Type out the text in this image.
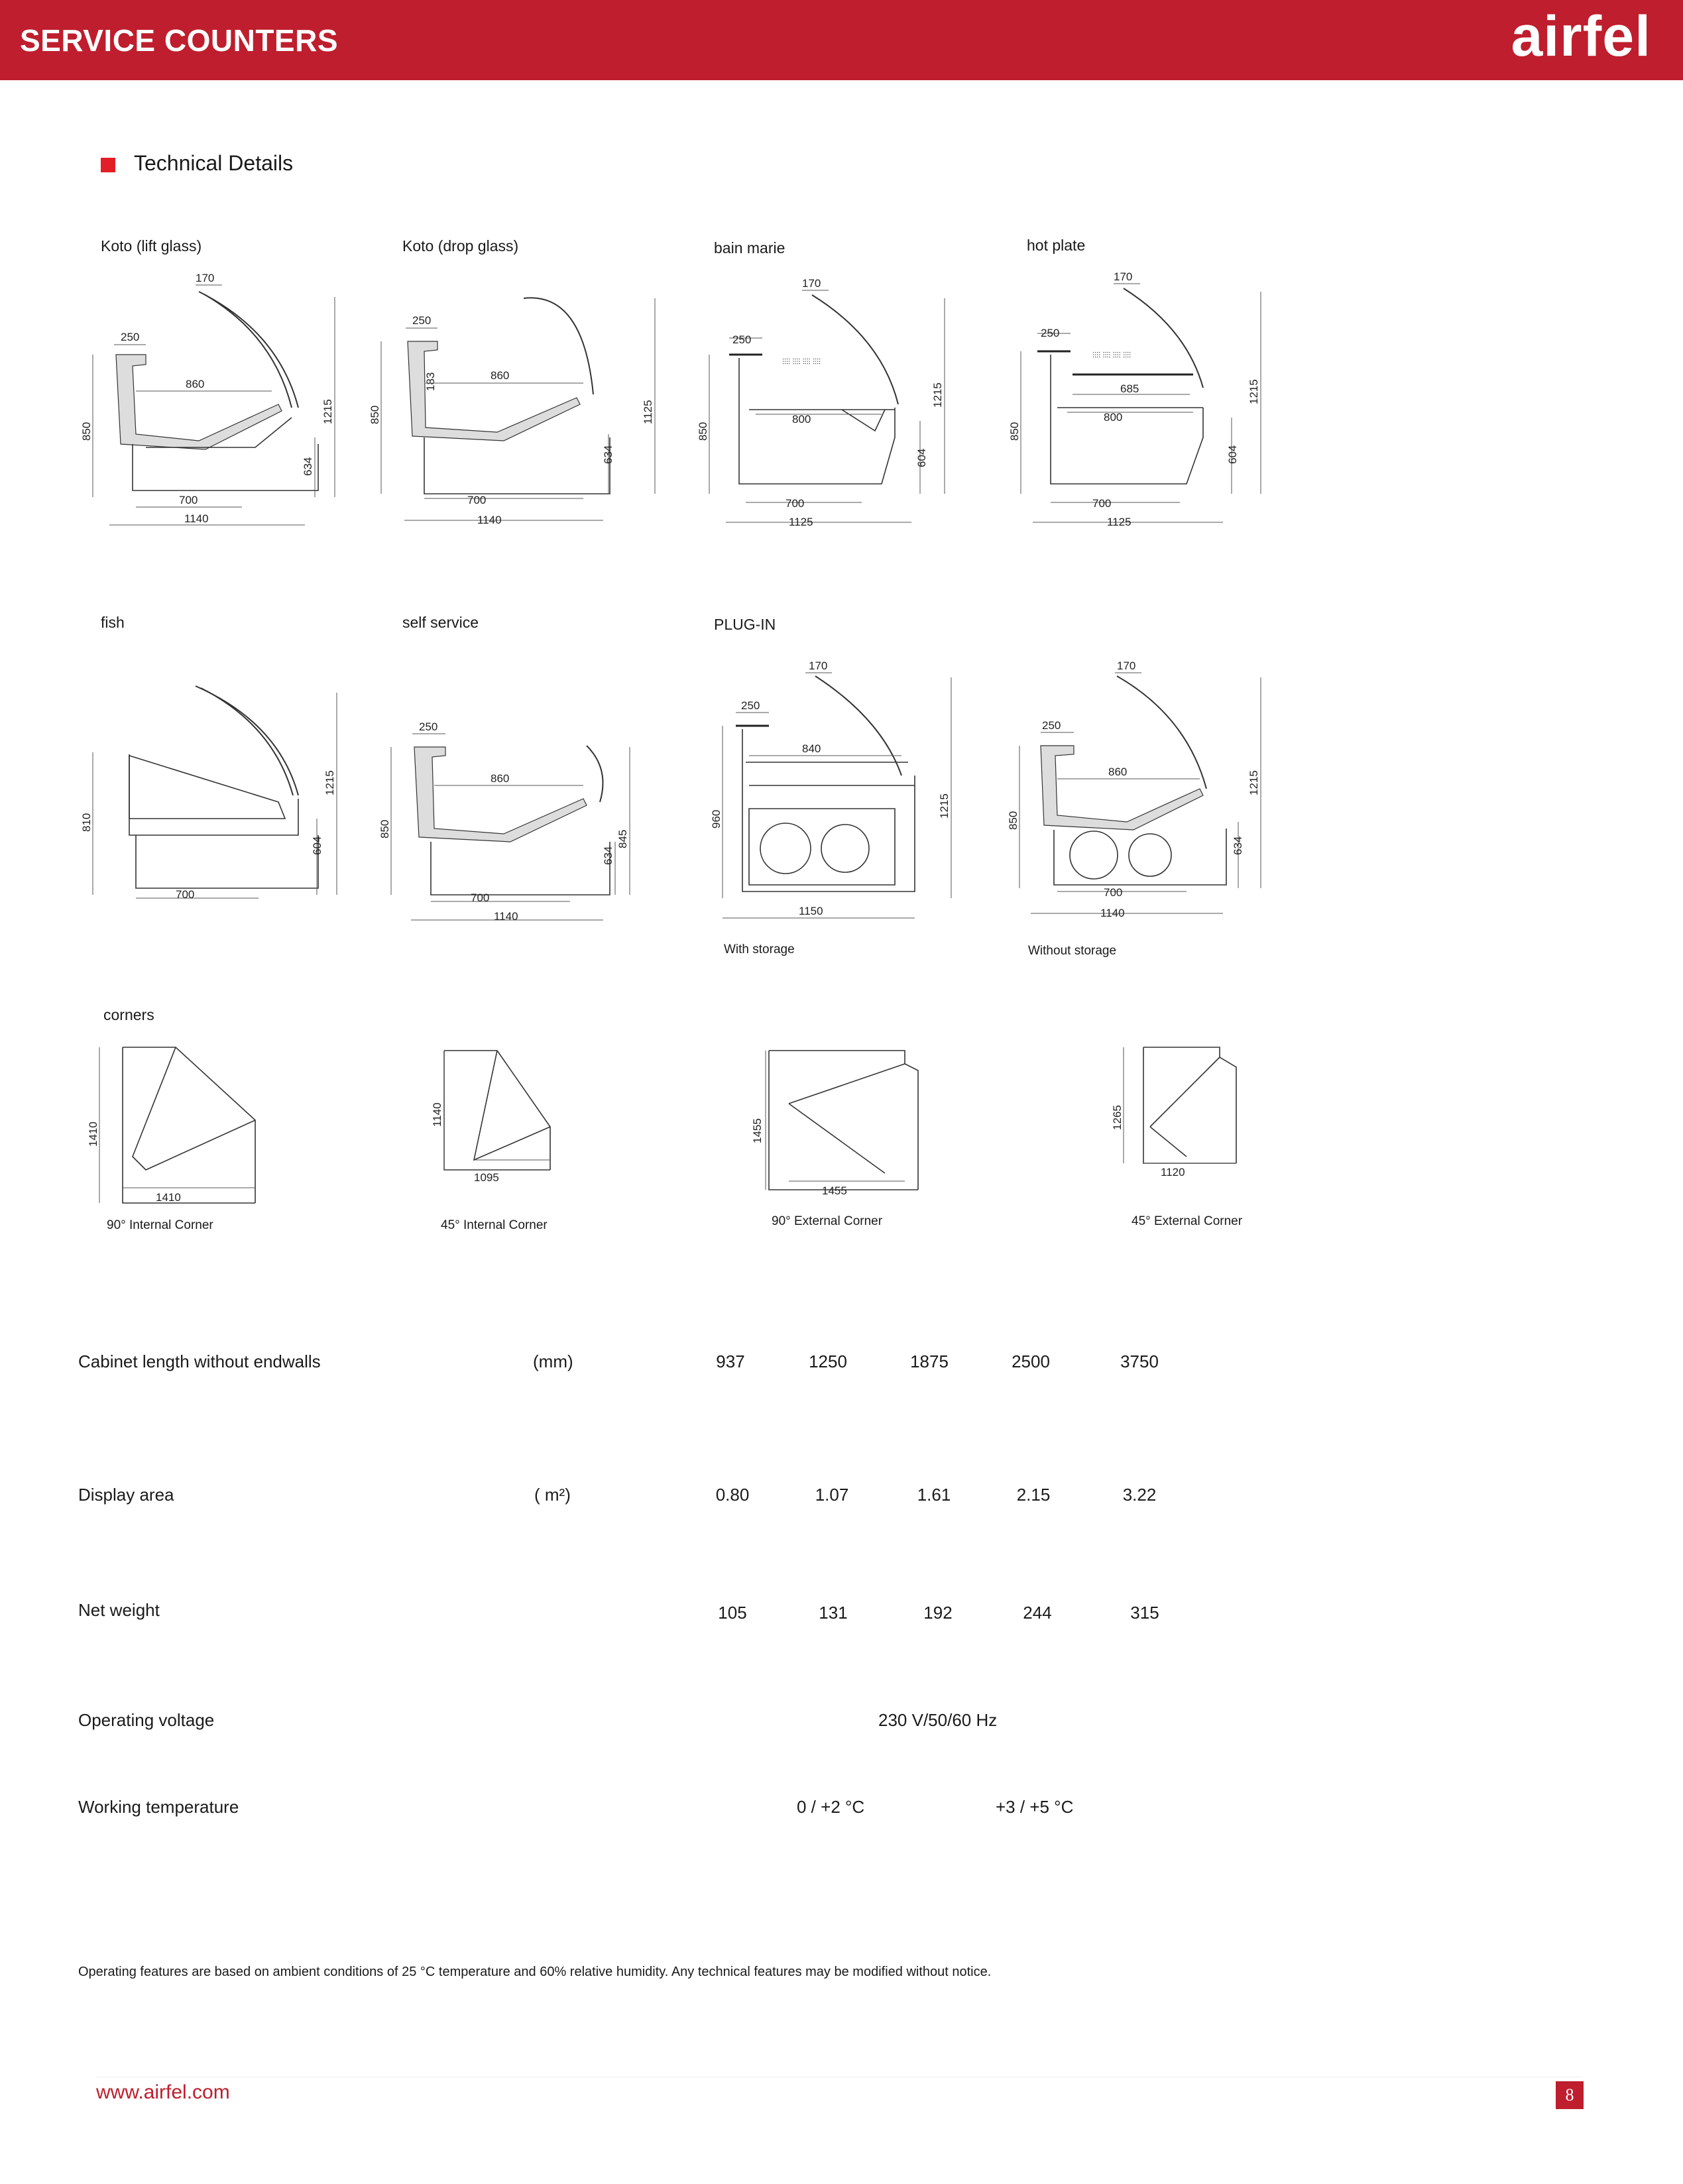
SERVICE COUNTERS	airfel
Technical Details
Koto (lift glass)
170
250
860
850
1215
634
700
1140
Koto (drop glass)
250
183	860
850	1125
634
700
1140
bain marie
170
250
⫶⫶⫶⫶ ⫶⫶⫶⫶ ⫶⫶⫶⫶ ⫶⫶⫶⫶
800
850
1215
604
700
1125
hot plate
170
250
⫶⫶⫶⫶ ⫶⫶⫶⫶ ⫶⫶⫶⫶ ⫶⫶⫶⫶
685
800
850
1215
604
700
1125
fish
810
1215
604
700
self service
250
860
850
845
634
700
1140
PLUG-IN
170
250
840
960
1215
1150
With storage
170
250
860
850
1215
634
700
1140
Without storage
corners
1410
1410
90° Internal Corner
1140
1095
45° Internal Corner
1455
1455
90° External Corner
1265
1120
45° External Corner
Cabinet length without endwalls	(mm)	937	1250	1875	2500	3750
Display area	( m²)	0.80	1.07	1.61	2.15	3.22
Net weight	105	131	192	244	315
Operating voltage	230 V/50/60 Hz
Working temperature	0 / +2 °C	+3 / +5 °C
Operating features are based on ambient conditions of 25 °C temperature and 60% relative humidity. Any technical features may be modified without notice.
www.airfel.com	8
